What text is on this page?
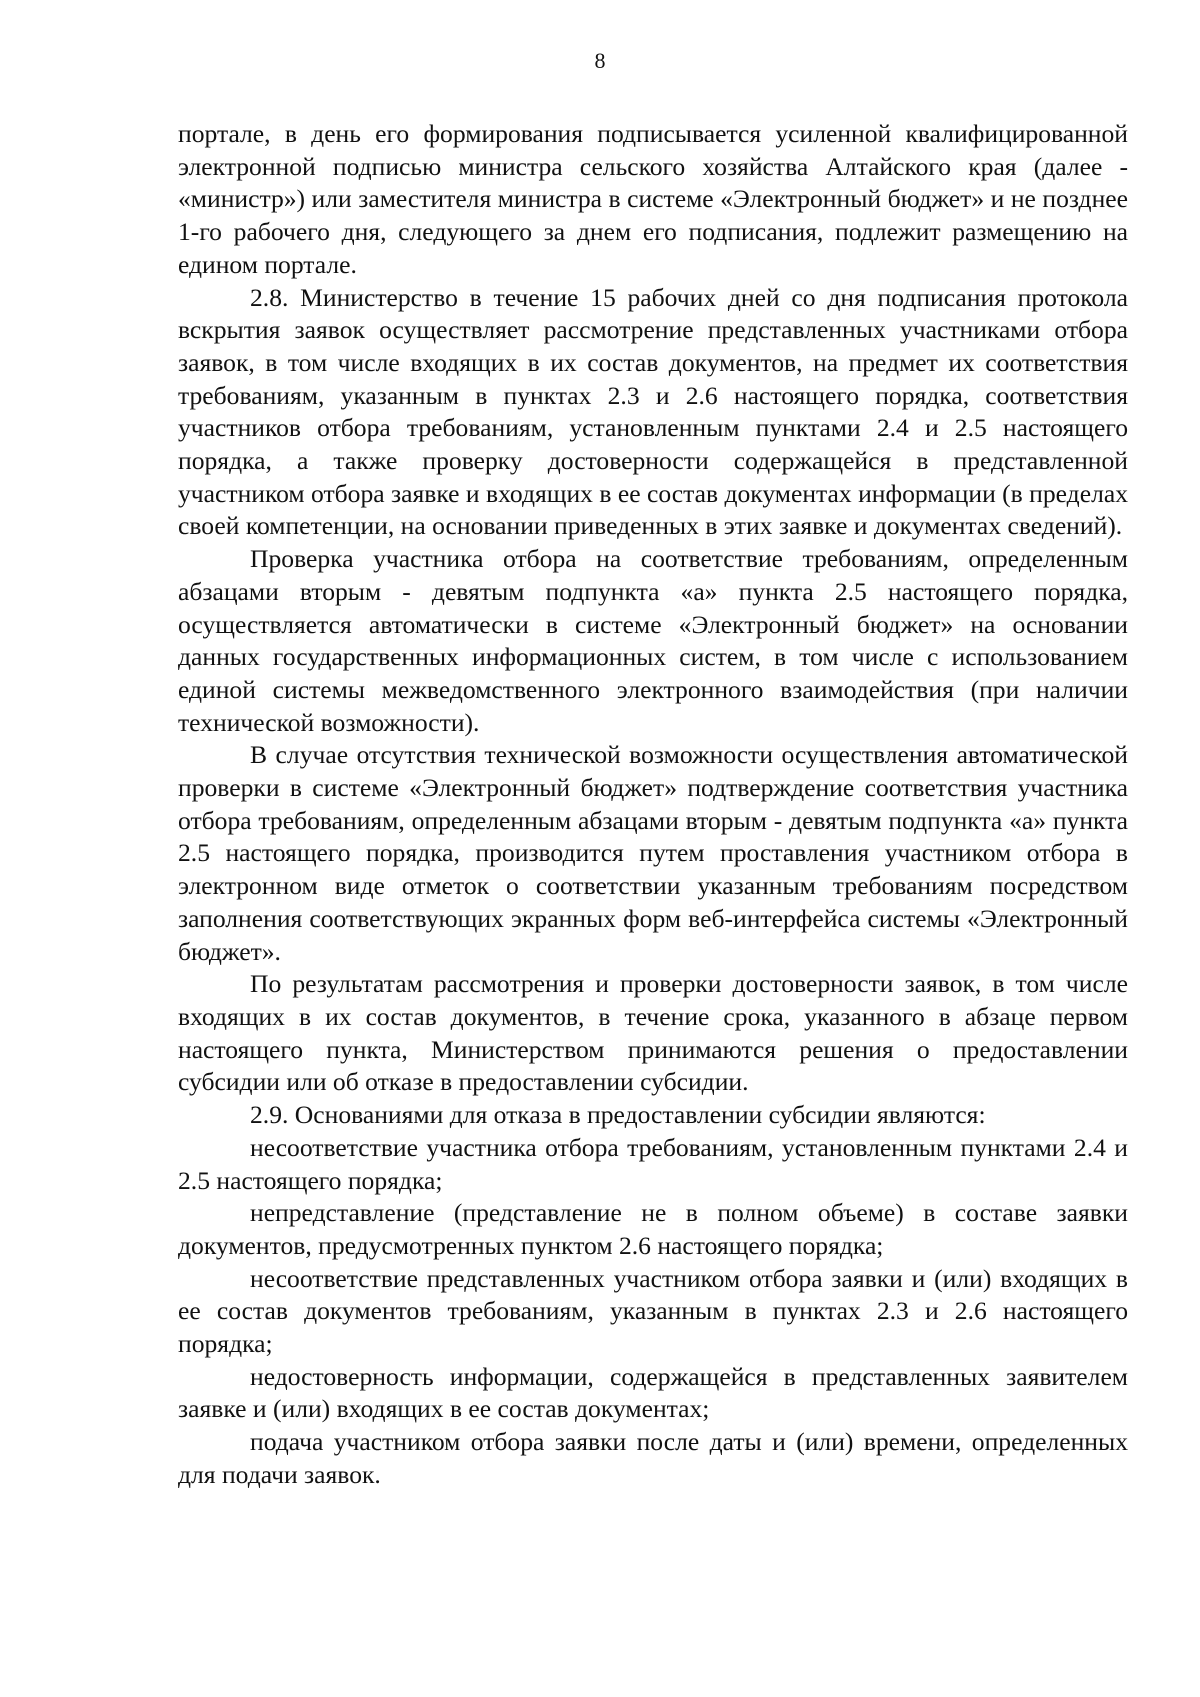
8

портале, в день его формирования подписывается усиленной квалифицированной электронной подписью министра сельского хозяйства Алтайского края (далее - «министр») или заместителя министра в системе «Электронный бюджет» и не позднее 1-го рабочего дня, следующего за днем его подписания, подлежит размещению на едином портале.

2.8. Министерство в течение 15 рабочих дней со дня подписания протокола вскрытия заявок осуществляет рассмотрение представленных участниками отбора заявок, в том числе входящих в их состав документов, на предмет их соответствия требованиям, указанным в пунктах 2.3 и 2.6 настоящего порядка, соответствия участников отбора требованиям, установленным пунктами 2.4 и 2.5 настоящего порядка, а также проверку достоверности содержащейся в представленной участником отбора заявке и входящих в ее состав документах информации (в пределах своей компетенции, на основании приведенных в этих заявке и документах сведений).

Проверка участника отбора на соответствие требованиям, определенным абзацами вторым - девятым подпункта «а» пункта 2.5 настоящего порядка, осуществляется автоматически в системе «Электронный бюджет» на основании данных государственных информационных систем, в том числе с использованием единой системы межведомственного электронного взаимодействия (при наличии технической возможности).

В случае отсутствия технической возможности осуществления автоматической проверки в системе «Электронный бюджет» подтверждение соответствия участника отбора требованиям, определенным абзацами вторым - девятым подпункта «а» пункта 2.5 настоящего порядка, производится путем проставления участником отбора в электронном виде отметок о соответствии указанным требованиям посредством заполнения соответствующих экранных форм веб-интерфейса системы «Электронный бюджет».

По результатам рассмотрения и проверки достоверности заявок, в том числе входящих в их состав документов, в течение срока, указанного в абзаце первом настоящего пункта, Министерством принимаются решения о предоставлении субсидии или об отказе в предоставлении субсидии.

2.9. Основаниями для отказа в предоставлении субсидии являются:

несоответствие участника отбора требованиям, установленным пунктами 2.4 и 2.5 настоящего порядка;

непредставление (представление не в полном объеме) в составе заявки документов, предусмотренных пунктом 2.6 настоящего порядка;

несоответствие представленных участником отбора заявки и (или) входящих в ее состав документов требованиям, указанным в пунктах 2.3 и 2.6 настоящего порядка;

недостоверность информации, содержащейся в представленных заявителем заявке и (или) входящих в ее состав документах;

подача участником отбора заявки после даты и (или) времени, определенных для подачи заявок.
